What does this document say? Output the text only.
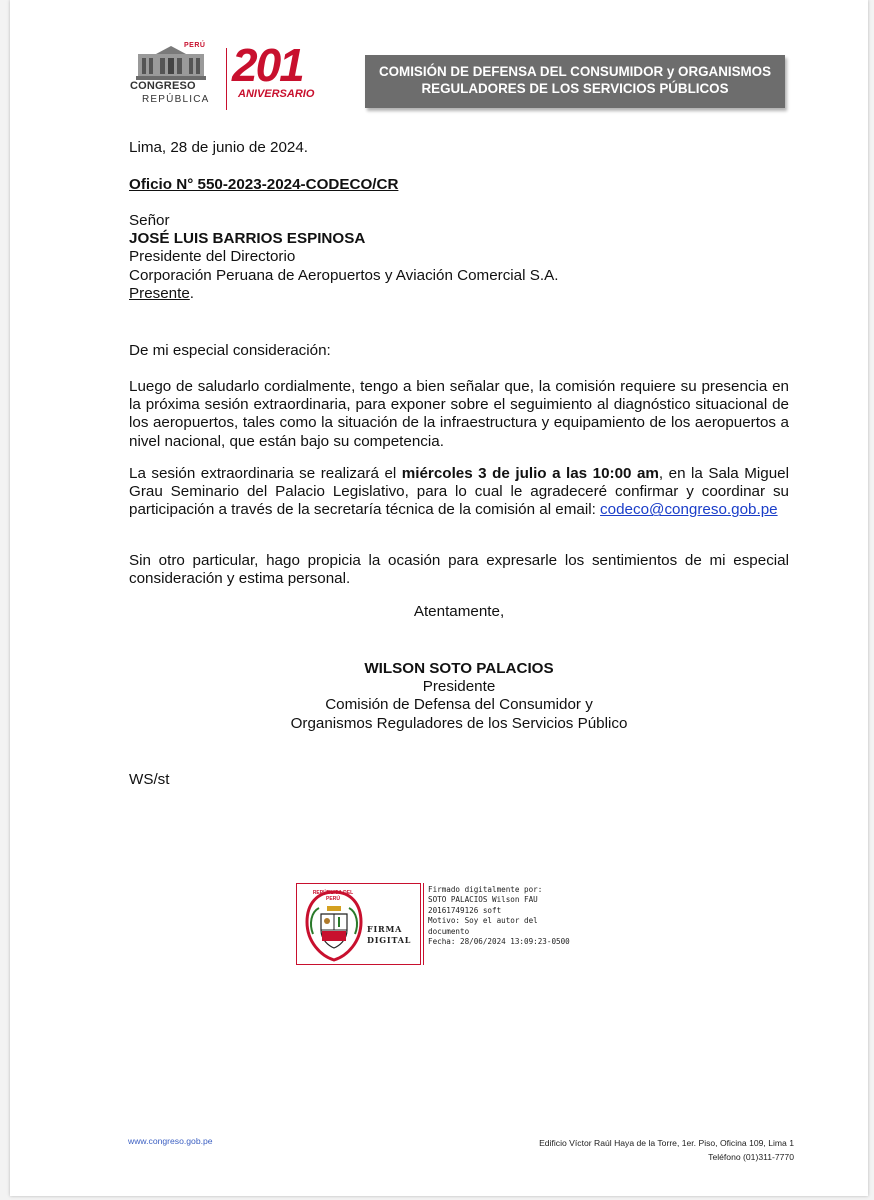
PERÚ
CONGRESO
REPÚBLICA
201
ANIVERSARIO
COMISIÓN DE DEFENSA DEL CONSUMIDOR y ORGANISMOS
REGULADORES DE LOS SERVICIOS PÚBLICOS
Lima, 28 de junio de 2024.
Oficio N° 550-2023-2024-CODECO/CR
Señor
JOSÉ LUIS BARRIOS ESPINOSA
Presidente del Directorio
Corporación Peruana de Aeropuertos y Aviación Comercial S.A.
Presente.
De mi especial consideración:
Luego de saludarlo cordialmente, tengo a bien señalar que, la comisión requiere su presencia en la próxima sesión extraordinaria, para exponer sobre el seguimiento al diagnóstico situacional de los aeropuertos, tales como la situación de la infraestructura y equipamiento de los aeropuertos a nivel nacional, que están bajo su competencia.
La sesión extraordinaria se realizará el miércoles 3 de julio a las 10:00 am, en la Sala Miguel Grau Seminario del Palacio Legislativo, para lo cual le agradeceré confirmar y coordinar su participación a través de la secretaría técnica de la comisión al email: codeco@congreso.gob.pe
Sin otro particular, hago propicia la ocasión para expresarle los sentimientos de mi especial consideración y estima personal.
Atentamente,
WILSON SOTO PALACIOS
Presidente
Comisión de Defensa del Consumidor y
Organismos Reguladores de los Servicios Público
WS/st
REPÚBLICA DEL PERÚ
FIRMA
DIGITAL
Firmado digitalmente por:
SOTO PALACIOS Wilson FAU
20161749126 soft
Motivo: Soy el autor del
documento
Fecha: 28/06/2024 13:09:23-0500
www.congreso.gob.pe	Edificio Víctor Raúl Haya de la Torre, 1er. Piso, Oficina 109, Lima 1
Teléfono (01)311-7770
